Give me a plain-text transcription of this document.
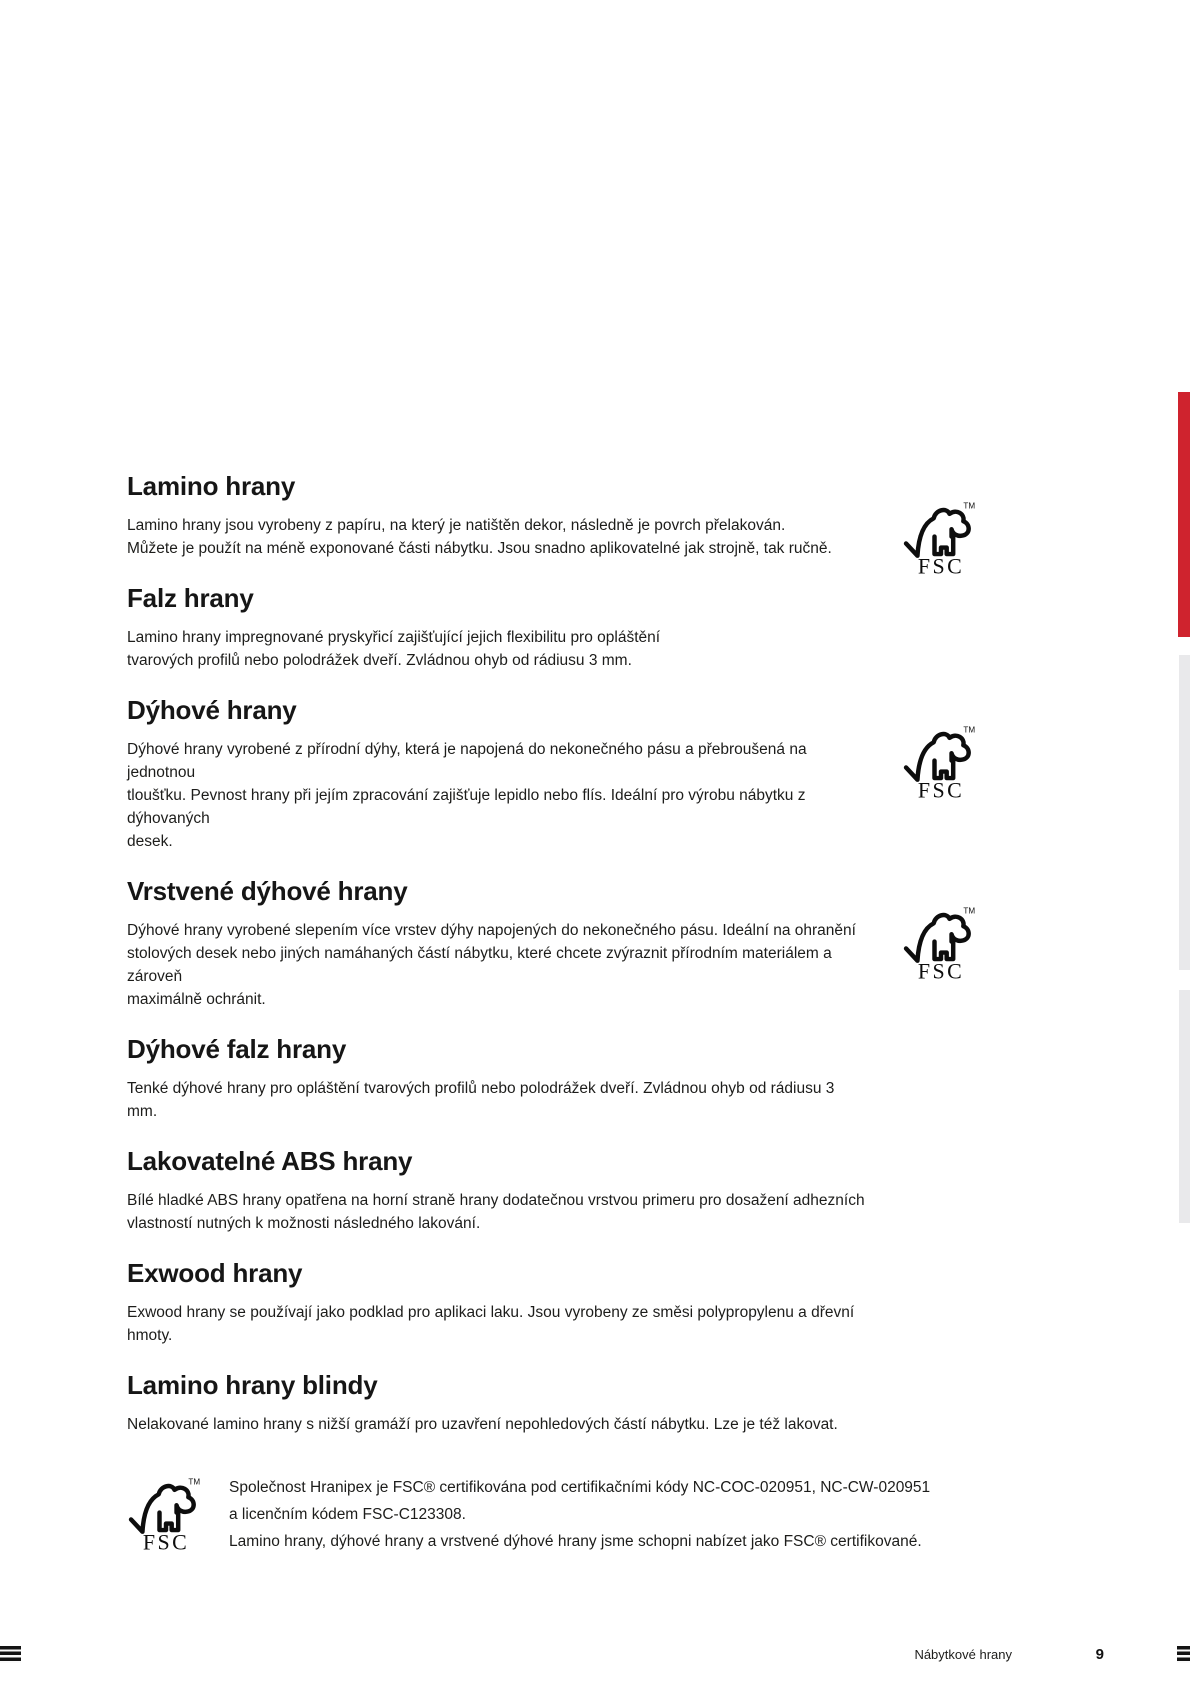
Lamino hrany
Lamino hrany jsou vyrobeny z papíru, na který je natištěn dekor, následně je povrch přelakován.
Můžete je použít na méně exponované části nábytku. Jsou snadno aplikovatelné jak strojně, tak ručně.
TM
FSC
Falz hrany
Lamino hrany impregnované pryskyřicí zajišťující jejich flexibilitu pro opláštění
tvarových profilů nebo polodrážek dveří. Zvládnou ohyb od rádiusu 3 mm.
Dýhové hrany
Dýhové hrany vyrobené z přírodní dýhy, která je napojená do nekonečného pásu a přebroušená na jednotnou
tloušťku. Pevnost hrany při jejím zpracování zajišťuje lepidlo nebo flís. Ideální pro výrobu nábytku z dýhovaných
desek.
TM
FSC
Vrstvené dýhové hrany
Dýhové hrany vyrobené slepením více vrstev dýhy napojených do nekonečného pásu. Ideální na ohranění
stolových desek nebo jiných namáhaných částí nábytku, které chcete zvýraznit přírodním materiálem a zároveň
maximálně ochránit.
TM
FSC
Dýhové falz hrany
Tenké dýhové hrany pro opláštění tvarových profilů nebo polodrážek dveří. Zvládnou ohyb od rádiusu 3 mm.
Lakovatelné ABS hrany
Bílé hladké ABS hrany opatřena na horní straně hrany dodatečnou vrstvou primeru pro dosažení adhezních
vlastností nutných k možnosti následného lakování.
Exwood hrany
Exwood hrany se používají jako podklad pro aplikaci laku. Jsou vyrobeny ze směsi polypropylenu a dřevní
hmoty.
Lamino hrany blindy
Nelakované lamino hrany s nižší gramáží pro uzavření nepohledových částí nábytku. Lze je též lakovat.
TM
FSC
Společnost Hranipex je FSC® certifikována pod certifikačními kódy NC-COC-020951, NC-CW-020951
a licenčním kódem FSC-C123308.
Lamino hrany, dýhové hrany a vrstvené dýhové hrany jsme schopni nabízet jako FSC® certifikované.
Nábytkové hrany	9
